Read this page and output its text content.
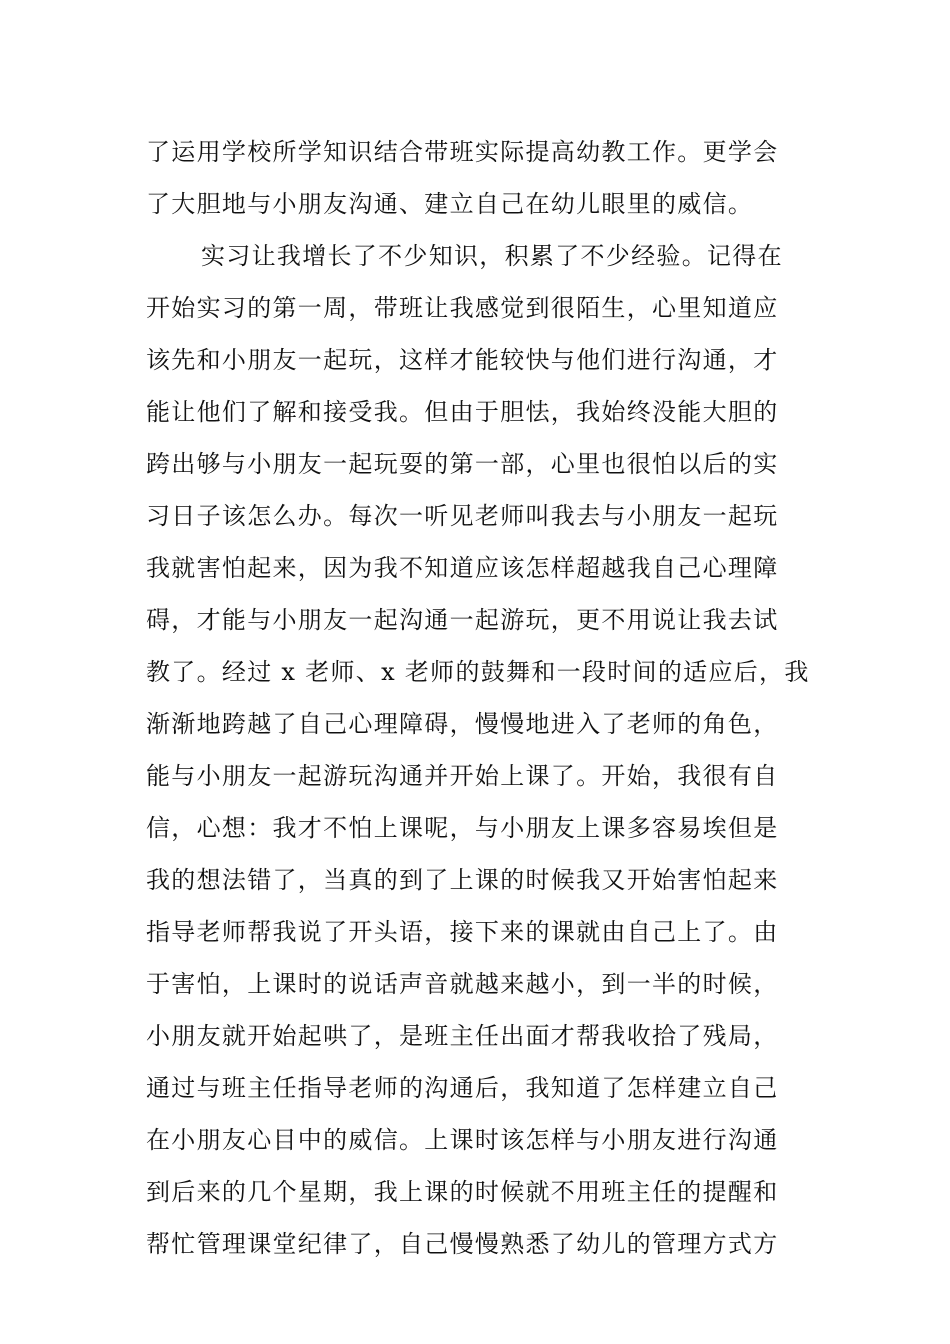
了运用学校所学知识结合带班实际提高幼教工作。更学会
了大胆地与小朋友沟通、建立自己在幼儿眼里的威信。
实习让我增长了不少知识，积累了不少经验。记得在
开始实习的第一周，带班让我感觉到很陌生，心里知道应
该先和小朋友一起玩，这样才能较快与他们进行沟通，才
能让他们了解和接受我。但由于胆怯，我始终没能大胆的
跨出够与小朋友一起玩耍的第一部，心里也很怕以后的实
习日子该怎么办。每次一听见老师叫我去与小朋友一起玩
我就害怕起来，因为我不知道应该怎样超越我自己心理障
碍，才能与小朋友一起沟通一起游玩，更不用说让我去试
教了。经过 x 老师、x 老师的鼓舞和一段时间的适应后，我
渐渐地跨越了自己心理障碍，慢慢地进入了老师的角色，
能与小朋友一起游玩沟通并开始上课了。开始，我很有自
信，心想：我才不怕上课呢，与小朋友上课多容易埃但是
我的想法错了，当真的到了上课的时候我又开始害怕起来
指导老师帮我说了开头语，接下来的课就由自己上了。由
于害怕，上课时的说话声音就越来越小，到一半的时候，
小朋友就开始起哄了，是班主任出面才帮我收拾了残局，
通过与班主任指导老师的沟通后，我知道了怎样建立自己
在小朋友心目中的威信。上课时该怎样与小朋友进行沟通
到后来的几个星期，我上课的时候就不用班主任的提醒和
帮忙管理课堂纪律了，自己慢慢熟悉了幼儿的管理方式方
